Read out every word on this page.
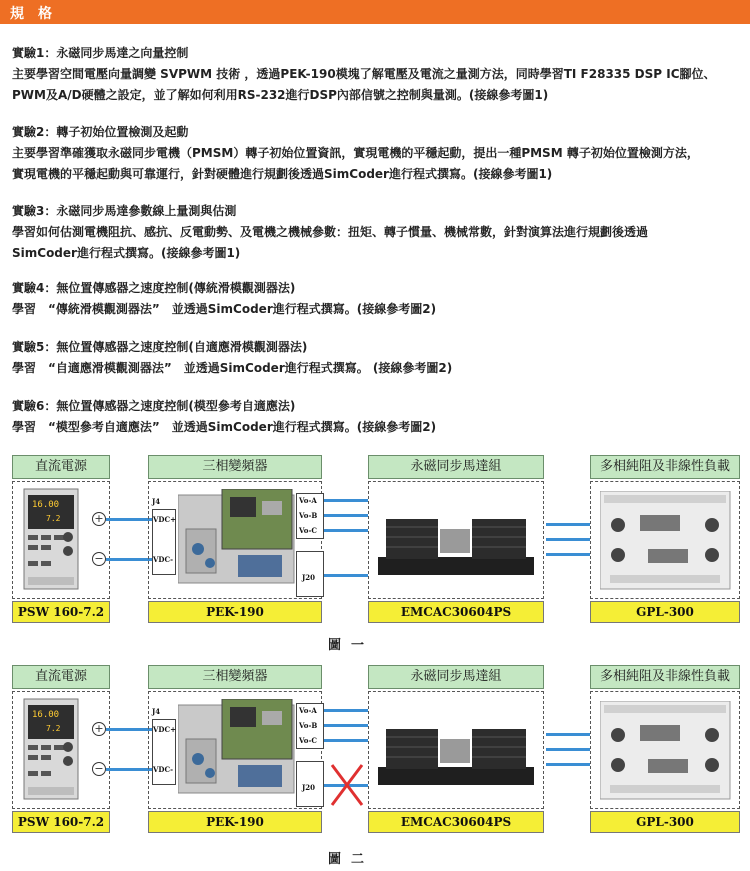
規格
實驗1：永磁同步馬達之向量控制
主要學習空間電壓向量調變 SVPWM 技術 ，透過PEK-190模塊了解電壓及電流之量測方法，同時學習TI F28335 DSP IC腳位、
PWM及A/D硬體之設定，並了解如何利用RS-232進行DSP內部信號之控制與量測。(接線參考圖1)
實驗2：轉子初始位置檢測及起動
主要學習準確獲取永磁同步電機（PMSM）轉子初始位置資訊，實現電機的平穩起動，提出一種PMSM 轉子初始位置檢測方法，
實現電機的平穩起動與可靠運行，針對硬體進行規劃後透過SimCoder進行程式撰寫。(接線參考圖1)
實驗3：永磁同步馬達參數線上量測與估測
學習如何估測電機阻抗、感抗、反電動勢、及電機之機械參數：扭矩、轉子慣量、機械常數，針對演算法進行規劃後透過
SimCoder進行程式撰寫。(接線參考圖1)
實驗4：無位置傳感器之速度控制(傳統滑模觀測器法)
學習　“傳統滑模觀測器法”　並透過SimCoder進行程式撰寫。(接線參考圖2)
實驗5：無位置傳感器之速度控制(自適應滑模觀測器法)
學習　“自適應滑模觀測器法”　並透過SimCoder進行程式撰寫。 (接線參考圖2)
實驗6：無位置傳感器之速度控制(模型參考自適應法)
學習　“模型參考自適應法”　並透過SimCoder進行程式撰寫。(接線參考圖2)
直流電源
16.00
7.2	+
−
PSW 160-7.2
三相變頻器
J4
VDC+
VDC-
Vo-A
Vo-B
Vo-C
J20
PEK-190
永磁同步馬達組
EMCAC30604PS
多相純阻及非線性負載
GPL-300
圖一
直流電源
16.00
7.2	+
−
PSW 160-7.2
三相變頻器
J4
VDC+
VDC-
Vo-A
Vo-B
Vo-C
J20
PEK-190
永磁同步馬達組
EMCAC30604PS
多相純阻及非線性負載
GPL-300
圖二
